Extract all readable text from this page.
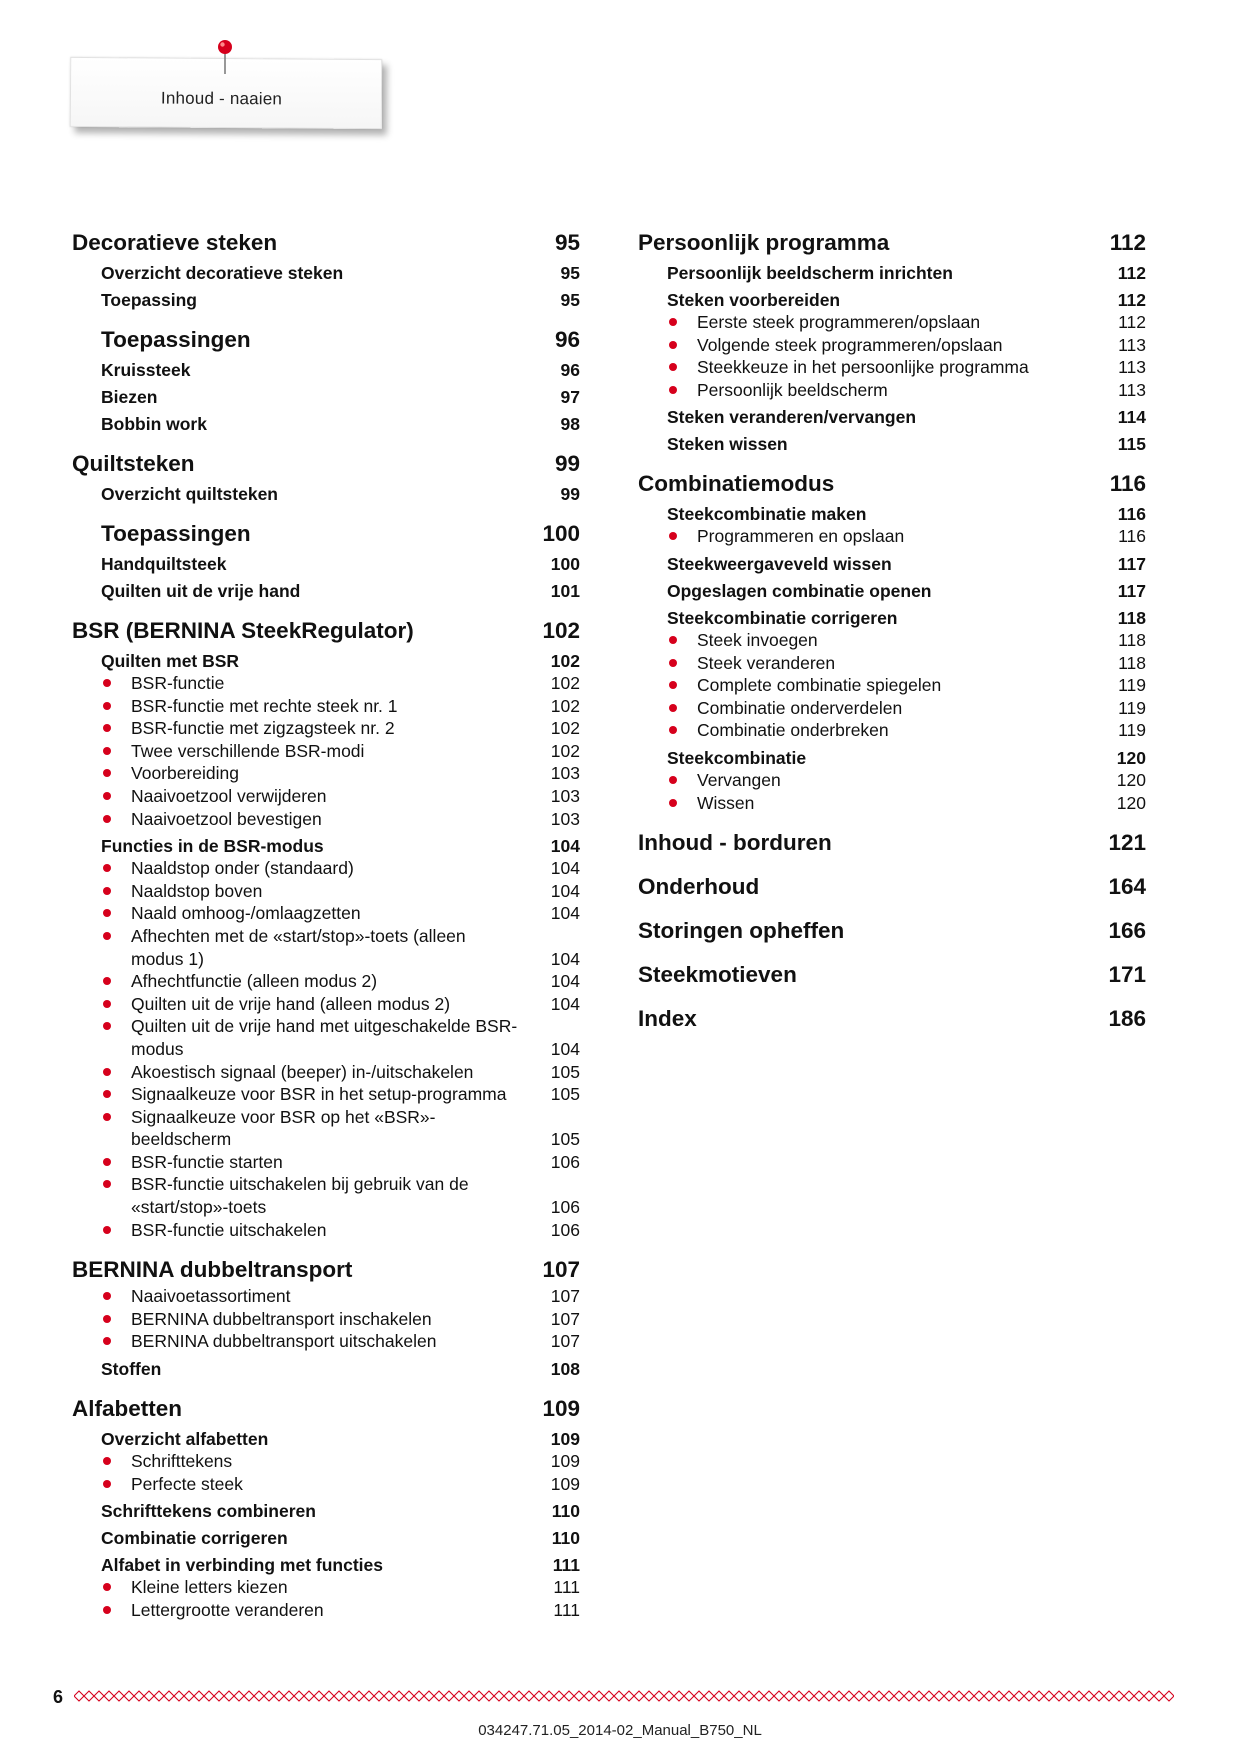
Inhoud - naaien
Decoratieve steken	95
Overzicht decoratieve steken	95
Toepassing	95
Toepassingen	96
Kruissteek	96
Biezen	97
Bobbin work	98
Quiltsteken	99
Overzicht quiltsteken	99
Toepassingen	100
Handquiltsteek	100
Quilten uit de vrije hand	101
BSR (BERNINA SteekRegulator)	102
Quilten met BSR	102
BSR-functie	102
BSR-functie met rechte steek nr. 1	102
BSR-functie met zigzagsteek nr. 2	102
Twee verschillende BSR-modi	102
Voorbereiding	103
Naaivoetzool verwijderen	103
Naaivoetzool bevestigen	103
Functies in de BSR-modus	104
Naaldstop onder (standaard)	104
Naaldstop boven	104
Naald omhoog-/omlaagzetten	104
Afhechten met de «start/stop»-toets (alleen modus 1)	104
Afhechtfunctie (alleen modus 2)	104
Quilten uit de vrije hand (alleen modus 2)	104
Quilten uit de vrije hand met uitgeschakelde BSR-modus	104
Akoestisch signaal (beeper) in-/uitschakelen	105
Signaalkeuze voor BSR in het setup-programma	105
Signaalkeuze voor BSR op het «BSR»-beeldscherm	105
BSR-functie starten	106
BSR-functie uitschakelen bij gebruik van de «start/stop»-toets	106
BSR-functie uitschakelen	106
BERNINA dubbeltransport	107
Naaivoetassortiment	107
BERNINA dubbeltransport inschakelen	107
BERNINA dubbeltransport uitschakelen	107
Stoffen	108
Alfabetten	109
Overzicht alfabetten	109
Schrifttekens	109
Perfecte steek	109
Schrifttekens combineren	110
Combinatie corrigeren	110
Alfabet in verbinding met functies	111
Kleine letters kiezen	111
Lettergrootte veranderen	111
Persoonlijk programma	112
Persoonlijk beeldscherm inrichten	112
Steken voorbereiden	112
Eerste steek programmeren/opslaan	112
Volgende steek programmeren/opslaan	113
Steekkeuze in het persoonlijke programma	113
Persoonlijk beeldscherm	113
Steken veranderen/vervangen	114
Steken wissen	115
Combinatiemodus	116
Steekcombinatie maken	116
Programmeren en opslaan	116
Steekweergaveveld wissen	117
Opgeslagen combinatie openen	117
Steekcombinatie corrigeren	118
Steek invoegen	118
Steek veranderen	118
Complete combinatie spiegelen	119
Combinatie onderverdelen	119
Combinatie onderbreken	119
Steekcombinatie	120
Vervangen	120
Wissen	120
Inhoud - borduren	121
Onderhoud	164
Storingen opheffen	166
Steekmotieven	171
Index	186
6
034247.71.05_2014-02_Manual_B750_NL
